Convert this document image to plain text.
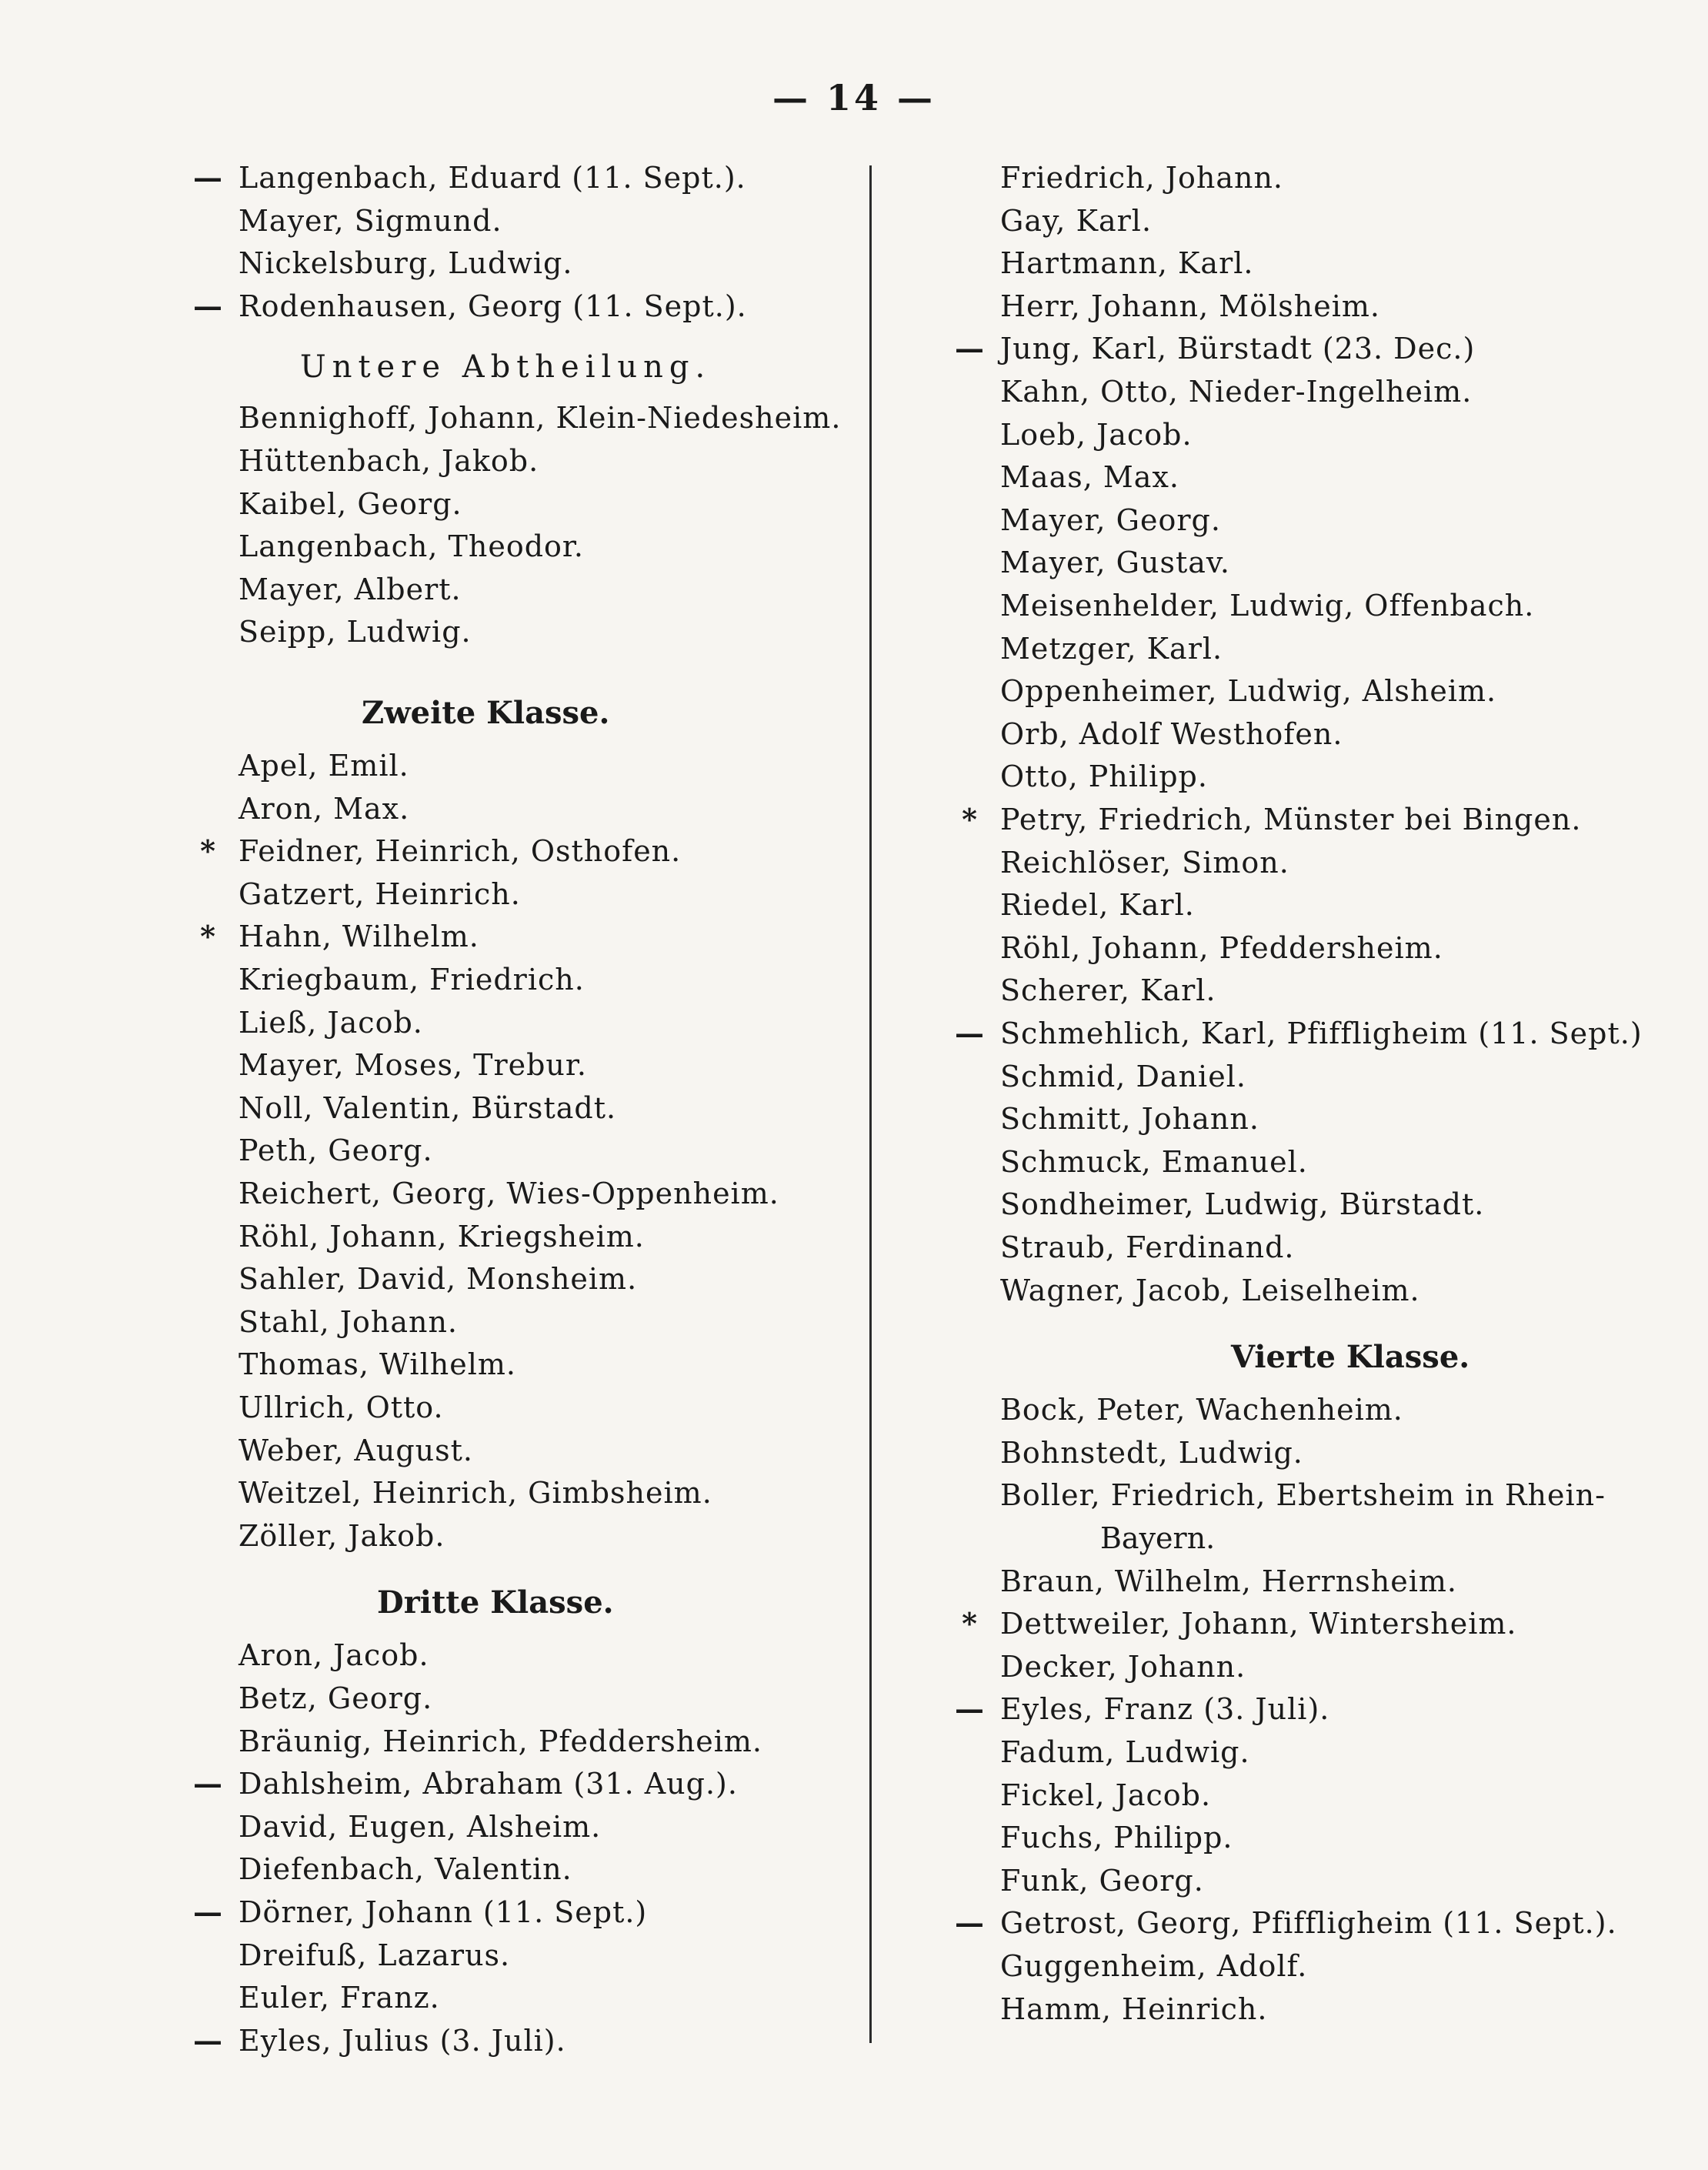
— 14 —
— Langenbach, Eduard (11. Sept.).
Mayer, Sigmund.
Nickelsburg, Ludwig.
— Rodenhausen, Georg (11. Sept.).
Untere Abtheilung.
Bennighoff, Johann, Klein-Niedesheim.
Hüttenbach, Jakob.
Kaibel, Georg.
Langenbach, Theodor.
Mayer, Albert.
Seipp, Ludwig.
Zweite Klasse.
Apel, Emil.
Aron, Max.
* Feidner, Heinrich, Osthofen.
Gatzert, Heinrich.
* Hahn, Wilhelm.
Kriegbaum, Friedrich.
Ließ, Jacob.
Mayer, Moses, Trebur.
Noll, Valentin, Bürstadt.
Peth, Georg.
Reichert, Georg, Wies-Oppenheim.
Röhl, Johann, Kriegsheim.
Sahler, David, Monsheim.
Stahl, Johann.
Thomas, Wilhelm.
Ullrich, Otto.
Weber, August.
Weitzel, Heinrich, Gimbsheim.
Zöller, Jakob.
Dritte Klasse.
Aron, Jacob.
Betz, Georg.
Bräunig, Heinrich, Pfeddersheim.
— Dahlsheim, Abraham (31. Aug.).
David, Eugen, Alsheim.
Diefenbach, Valentin.
— Dörner, Johann (11. Sept.)
Dreifuß, Lazarus.
Euler, Franz.
— Eyles, Julius (3. Juli).
Friedrich, Johann.
Gay, Karl.
Hartmann, Karl.
Herr, Johann, Mölsheim.
— Jung, Karl, Bürstadt (23. Dec.)
Kahn, Otto, Nieder-Ingelheim.
Loeb, Jacob.
Maas, Max.
Mayer, Georg.
Mayer, Gustav.
Meisenhelder, Ludwig, Offenbach.
Metzger, Karl.
Oppenheimer, Ludwig, Alsheim.
Orb, Adolf Westhofen.
Otto, Philipp.
* Petry, Friedrich, Münster bei Bingen.
Reichlöser, Simon.
Riedel, Karl.
Röhl, Johann, Pfeddersheim.
Scherer, Karl.
— Schmehlich, Karl, Pfiffligheim (11. Sept.)
Schmid, Daniel.
Schmitt, Johann.
Schmuck, Emanuel.
Sondheimer, Ludwig, Bürstadt.
Straub, Ferdinand.
Wagner, Jacob, Leiselheim.
Vierte Klasse.
Bock, Peter, Wachenheim.
Bohnstedt, Ludwig.
Boller, Friedrich, Ebertsheim in Rhein-
Bayern.
Braun, Wilhelm, Herrnsheim.
* Dettweiler, Johann, Wintersheim.
Decker, Johann.
— Eyles, Franz (3. Juli).
Fadum, Ludwig.
Fickel, Jacob.
Fuchs, Philipp.
Funk, Georg.
— Getrost, Georg, Pfiffligheim (11. Sept.).
Guggenheim, Adolf.
Hamm, Heinrich.
